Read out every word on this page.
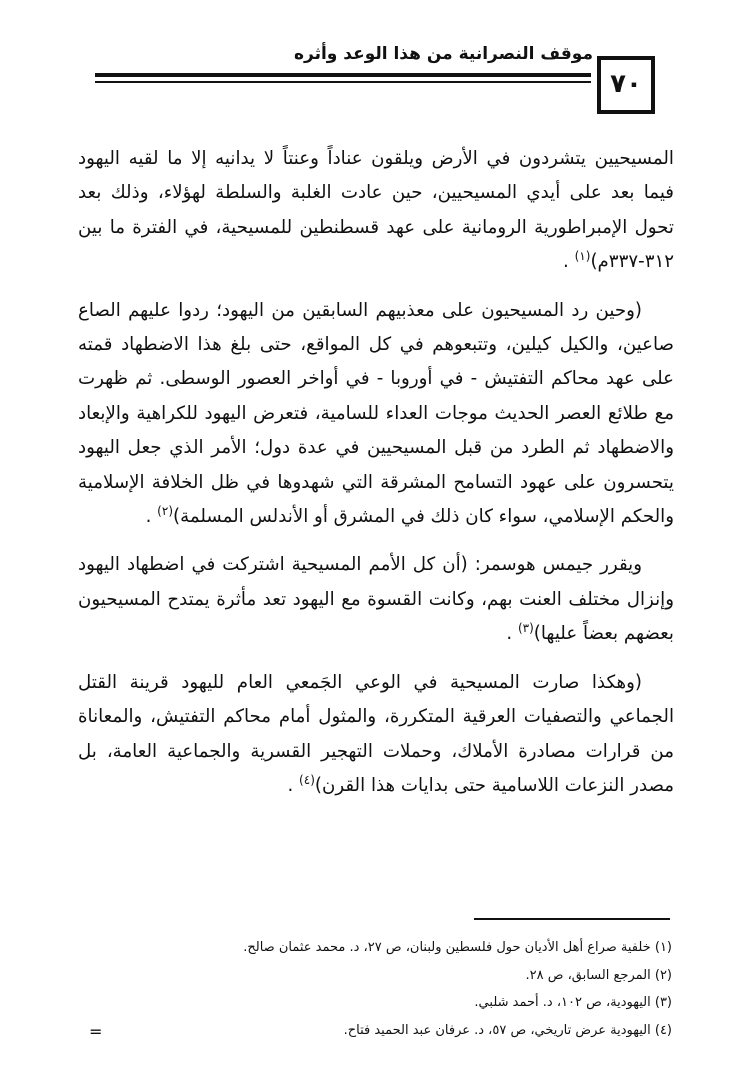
موقف النصرانية من هذا الوعد وأثره
٧٠

المسيحيين يتشردون في الأرض ويلقون عناداً وعنتاً لا يدانيه إلا ما لقيه اليهود فيما بعد على أيدي المسيحيين، حين عادت الغلبة والسلطة لهؤلاء، وذلك بعد تحول الإمبراطورية الرومانية على عهد قسطنطين للمسيحية، في الفترة ما بين ٣١٢-٣٣٧م)$^{(١)}$ .

(وحين رد المسيحيون على معذبيهم السابقين من اليهود؛ ردوا عليهم الصاع صاعين، والكيل كيلين، وتتبعوهم في كل المواقع، حتى بلغ هذا الاضطهاد قمته على عهد محاكم التفتيش - في أوروبا - في أواخر العصور الوسطى. ثم ظهرت مع طلائع العصر الحديث موجات العداء للسامية، فتعرض اليهود للكراهية والإبعاد والاضطهاد ثم الطرد من قبل المسيحيين في عدة دول؛ الأمر الذي جعل اليهود يتحسرون على عهود التسامح المشرقة التي شهدوها في ظل الخلافة الإسلامية والحكم الإسلامي، سواء كان ذلك في المشرق أو الأندلس المسلمة)$^{(٢)}$ .

ويقرر جيمس هوسمر: (أن كل الأمم المسيحية اشتركت في اضطهاد اليهود وإنزال مختلف العنت بهم، وكانت القسوة مع اليهود تعد مأثرة يمتدح المسيحيون بعضهم بعضاً عليها)$^{(٣)}$ .

(وهكذا صارت المسيحية في الوعي الجَمعي العام لليهود قرينة القتل الجماعي والتصفيات العرقية المتكررة، والمثول أمام محاكم التفتيش، والمعاناة من قرارات مصادرة الأملاك، وحملات التهجير القسرية والجماعية العامة، بل مصدر النزعات اللاسامية حتى بدايات هذا القرن)$^{(٤)}$ .

(١) خلفية صراع أهل الأديان حول فلسطين ولبنان، ص ٢٧، د. محمد عثمان صالح.
(٢) المرجع السابق، ص ٢٨.
(٣) اليهودية، ص ١٠٢، د. أحمد شلبي.
(٤) اليهودية عرض تاريخي، ص ٥٧، د. عرفان عبد الحميد فتاح.
=
